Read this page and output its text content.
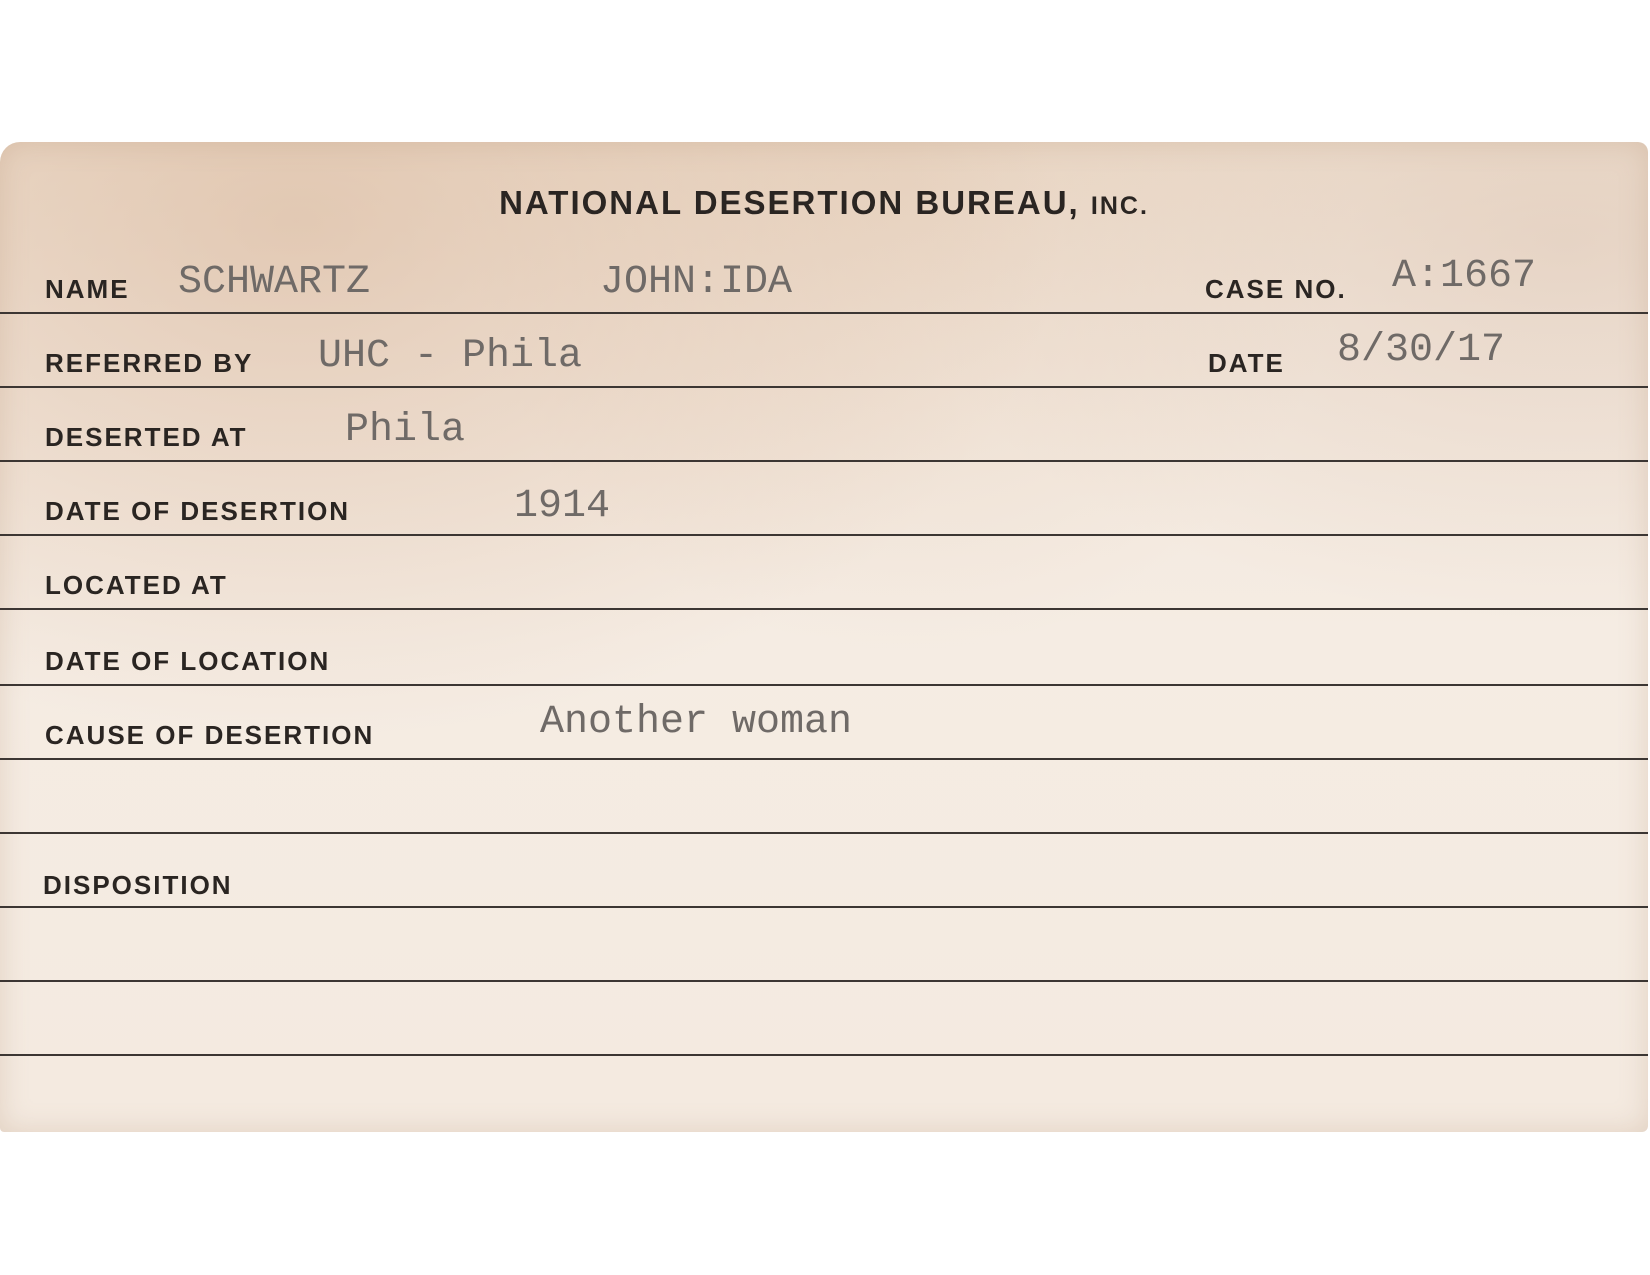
NATIONAL DESERTION BUREAU, INC.
NAME SCHWARTZ	JOHN:IDA	CASE NO. A:1667
REFERRED BY UHC - Phila	DATE 8/30/17
DESERTED AT Phila
DATE OF DESERTION	1914
LOCATED AT
DATE OF LOCATION
CAUSE OF DESERTION	Another woman
DISPOSITION
